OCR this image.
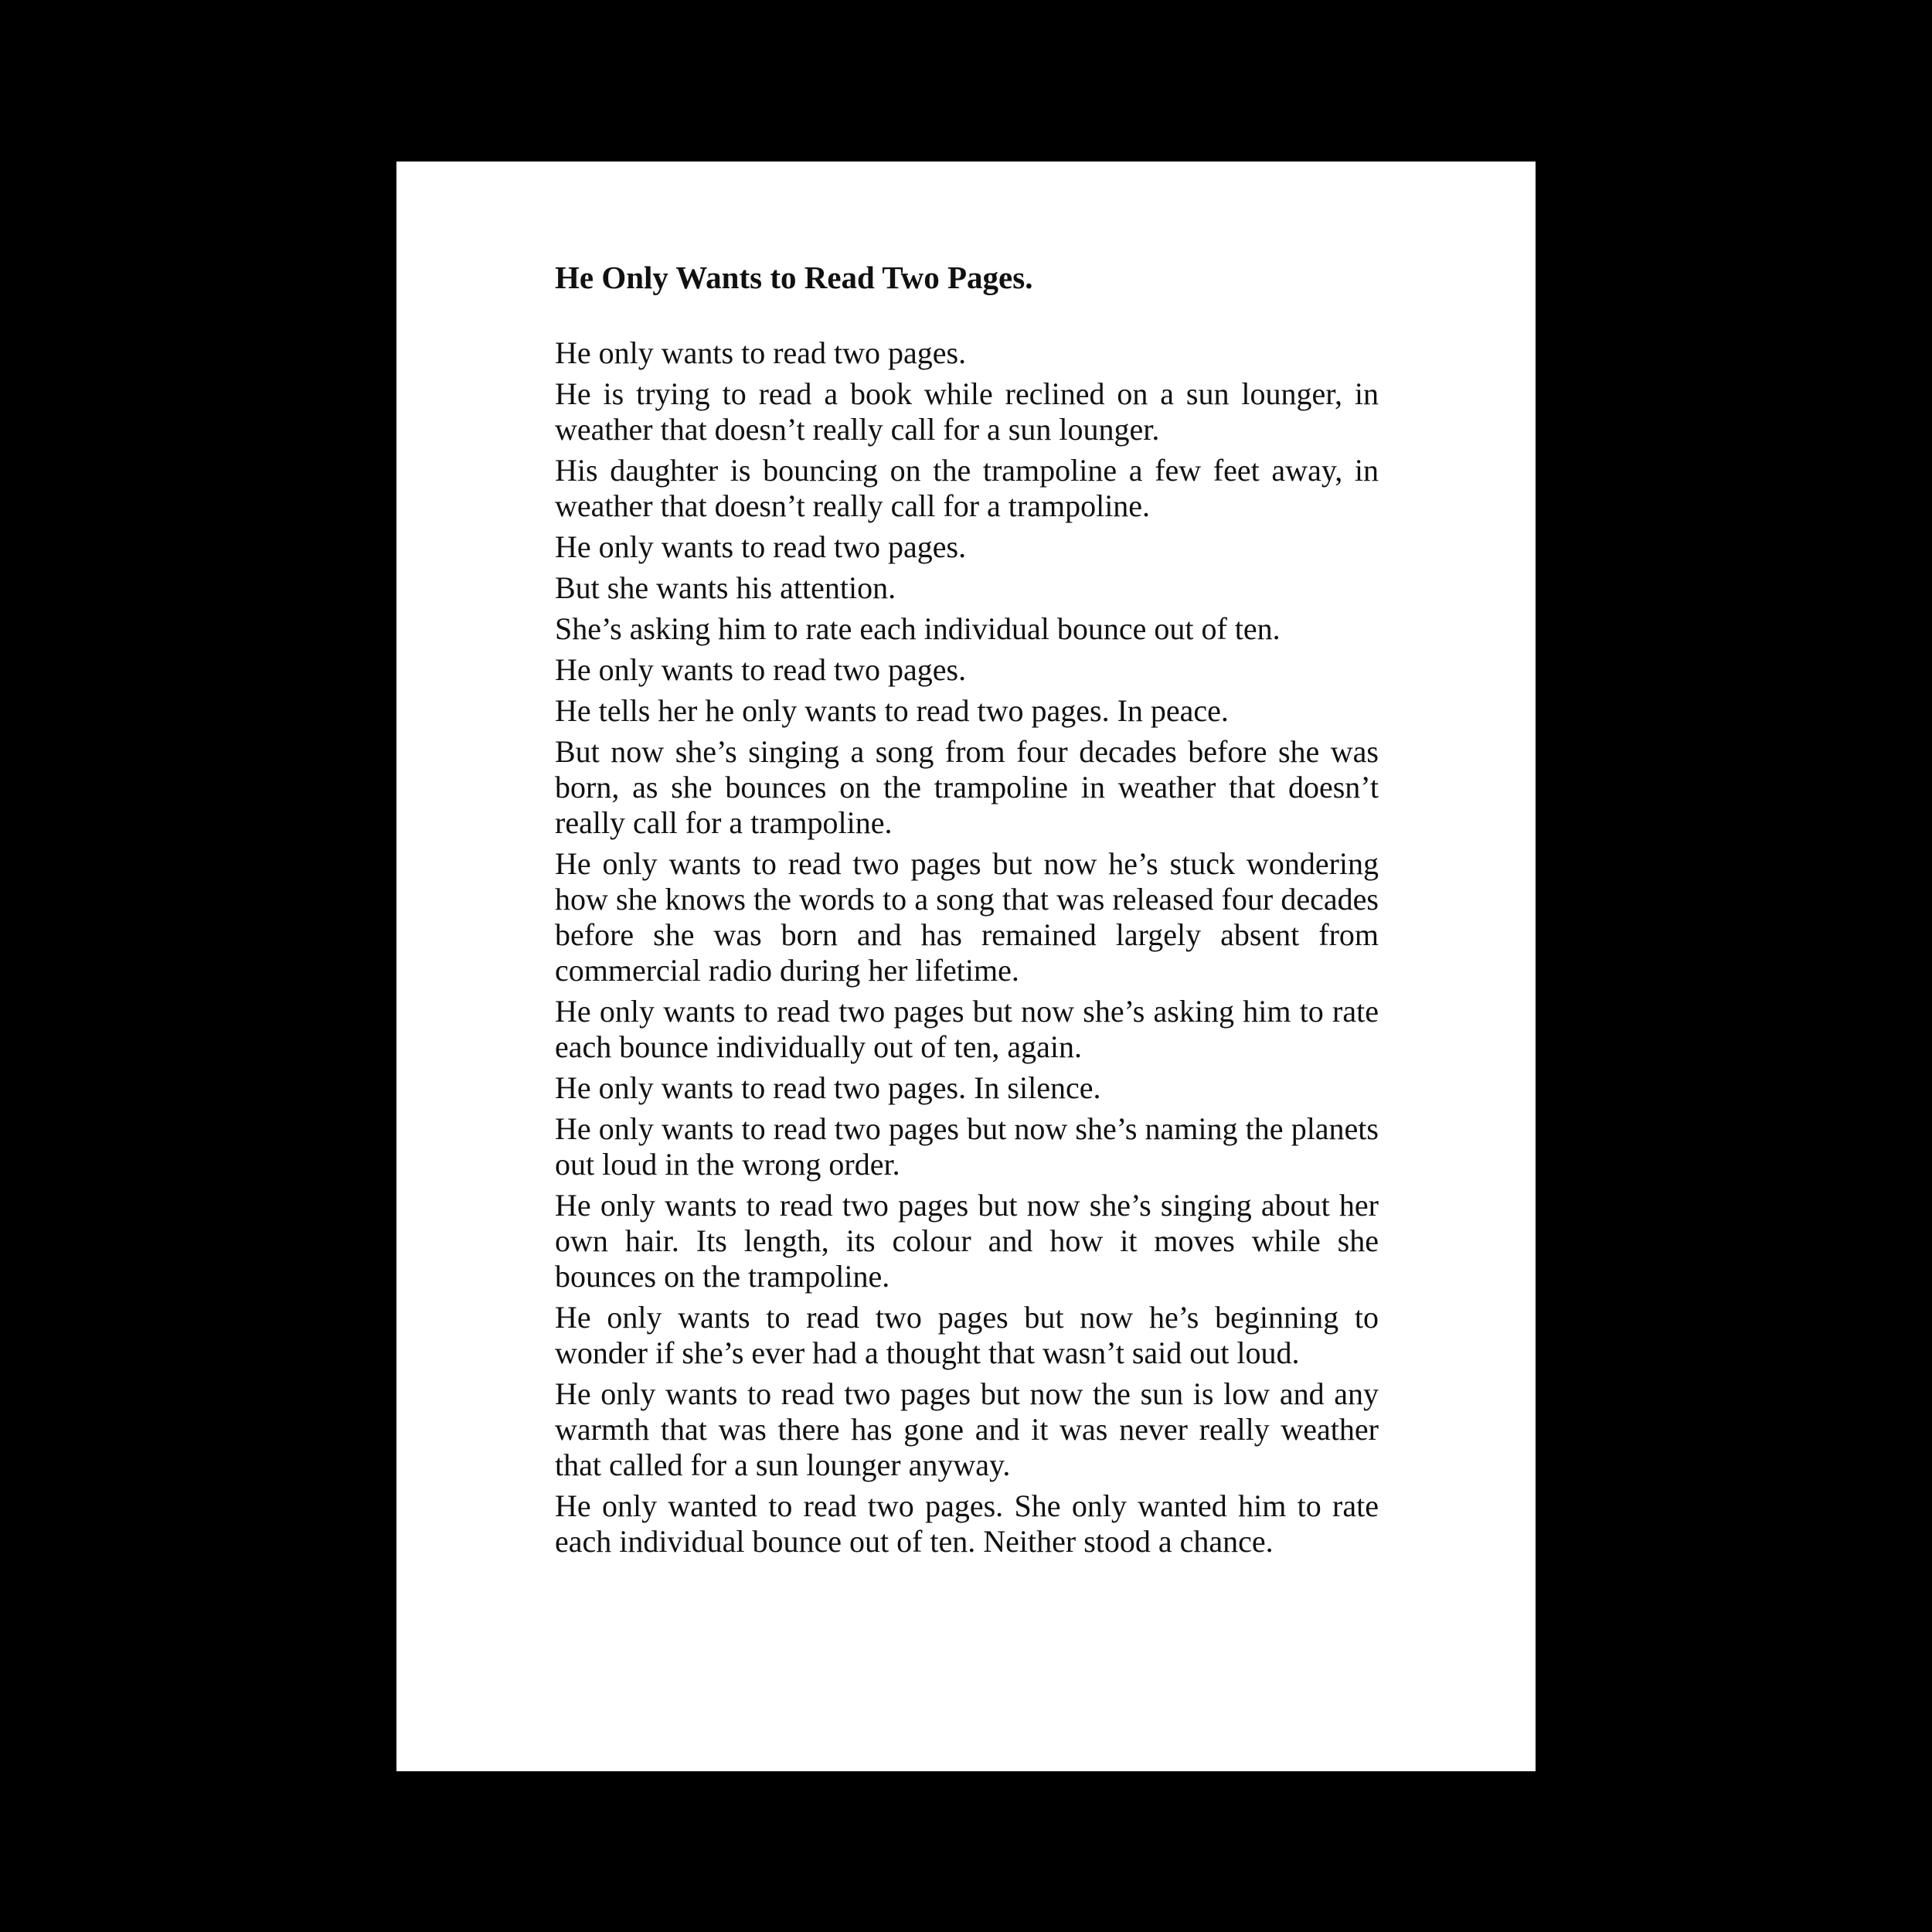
He Only Wants to Read Two Pages.

He only wants to read two pages.

He is trying to read a book while reclined on a sun lounger, in weather that doesn’t really call for a sun lounger.

His daughter is bouncing on the trampoline a few feet away, in weather that doesn’t really call for a trampoline.

He only wants to read two pages.

But she wants his attention.

She’s asking him to rate each individual bounce out of ten.

He only wants to read two pages.

He tells her he only wants to read two pages. In peace.

But now she’s singing a song from four decades before she was born, as she bounces on the trampoline in weather that doesn’t really call for a trampoline.

He only wants to read two pages but now he’s stuck wondering how she knows the words to a song that was released four decades before she was born and has remained largely absent from commercial radio during her lifetime.

He only wants to read two pages but now she’s asking him to rate each bounce individually out of ten, again.

He only wants to read two pages. In silence.

He only wants to read two pages but now she’s naming the planets out loud in the wrong order.

He only wants to read two pages but now she’s singing about her own hair. Its length, its colour and how it moves while she bounces on the trampoline.

He only wants to read two pages but now he’s beginning to wonder if she’s ever had a thought that wasn’t said out loud.

He only wants to read two pages but now the sun is low and any warmth that was there has gone and it was never really weather that called for a sun lounger anyway.

He only wanted to read two pages. She only wanted him to rate each individual bounce out of ten. Neither stood a chance.
